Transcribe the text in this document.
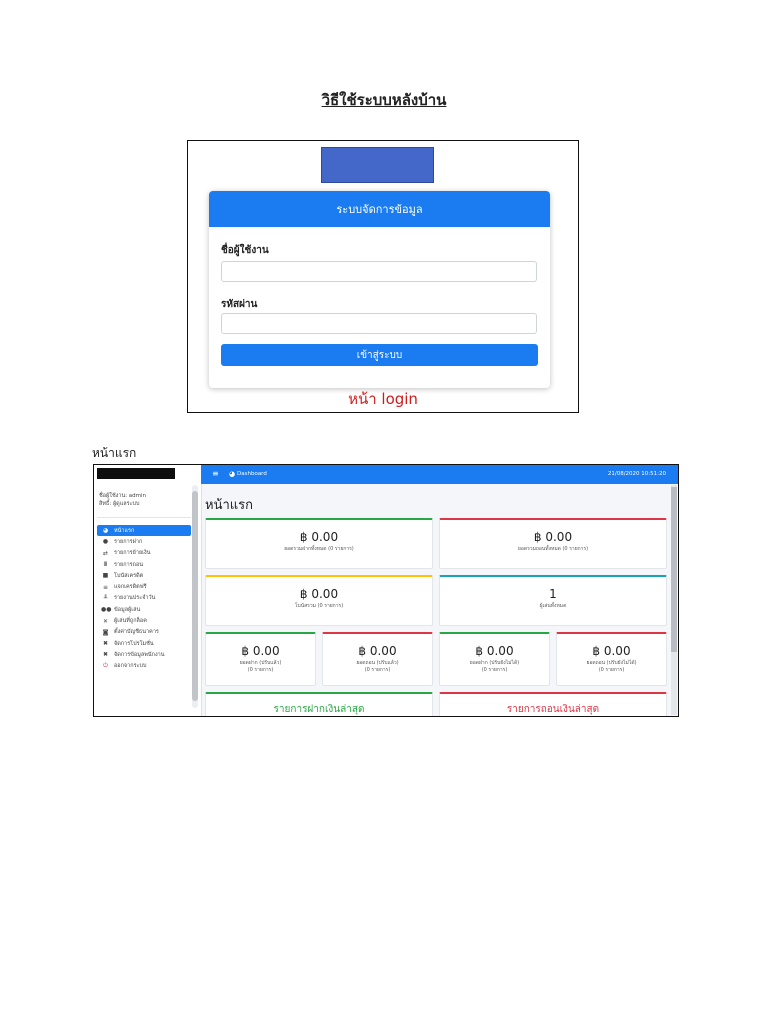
วิธีใช้ระบบหลังบ้าน
ระบบจัดการข้อมูล
ชื่อผู้ใช้งาน
รหัสผ่าน
เข้าสู่ระบบ
หน้า login
หน้าแรก
ชื่อผู้ใช้งาน: admin
สิทธิ์: ผู้ดูแลระบบ
◕	หน้าแรก
●	รายการฝาก
⇄	รายการย้ายเงิน
Ⅲ	รายการถอน
■	โบนัสเครดิต
≡	แจกเครดิตฟรี
╨	รายงานประจำวัน
●● ข้อมูลผู้เล่น
✕	ผู้เล่นที่ถูกล็อค
◙ ตั้งค่าบัญชีธนาคาร
✖	จัดการโปรโมชั่น
✖	จัดการข้อมูลพนักงาน
⏻	ออกจากระบบ
≡ ◕ Dashboard	21/08/2020 10:51:20
หน้าแรก
฿ 0.00
ยอดรวมฝากทั้งหมด (0 รายการ)
฿ 0.00
ยอดรวมถอนทั้งหมด (0 รายการ)
฿ 0.00
โบนัสรวม (0 รายการ)
1
ผู้เล่นทั้งหมด
฿ 0.00
ยอดฝาก (ปรับแล้ว)
(0 รายการ)
฿ 0.00
ยอดถอน (ปรับแล้ว)
(0 รายการ)
฿ 0.00
ยอดฝาก (ปรับยังไม่ได้)
(0 รายการ)
฿ 0.00
ยอดถอน (ปรับยังไม่ได้)
(0 รายการ)
รายการฝากเงินล่าสุด	รายการถอนเงินล่าสุด
